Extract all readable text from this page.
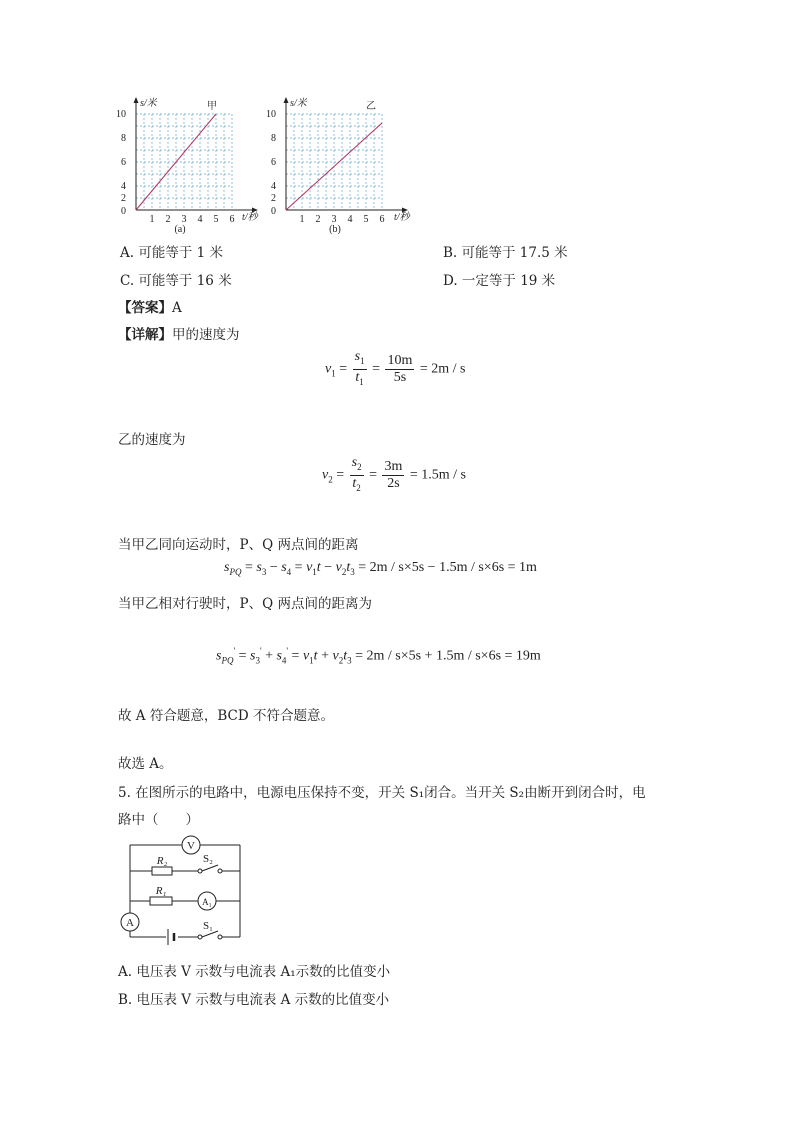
10
8
6
4
2
0
1 2 3 4 5 6
s/米
t/秒
甲
(a)
10
8
6
4
2
0
1 2 3 4 5 6
s/米
t/秒
乙
(b)
A. 可能等于 1 米	B. 可能等于 17.5 米
C. 可能等于 16 米	D. 一定等于 19 米
【答案】A
【详解】甲的速度为
$v_1 = \frac{s_1}{t_1} = \frac{10m}{5s} = 2m / s$
乙的速度为
$v_2 = \frac{s_2}{t_2} = \frac{3m}{2s} = 1.5m / s$
当甲乙同向运动时，P、Q 两点间的距离
$s_{PQ} = s_3 - s_4 = v_1t - v_2t_3 = 2m / s\times 5s - 1.5m / s\times 6s = 1m$
当甲乙相对行驶时，P、Q 两点间的距离为
$s_{PQ}' = s_3' + s_4' = v_1t + v_2t_3 = 2m / s\times 5s + 1.5m / s\times 6s = 19m$
故 A 符合题意，BCD 不符合题意。
故选 A。
5. 在图所示的电路中，电源电压保持不变，开关 S₁闭合。当开关 S₂由断开到闭合时，电
路中（　　）
V
A
A₁
R₂
R₁
S₂
S₁
A. 电压表 V 示数与电流表 A₁示数的比值变小
B. 电压表 V 示数与电流表 A 示数的比值变小
